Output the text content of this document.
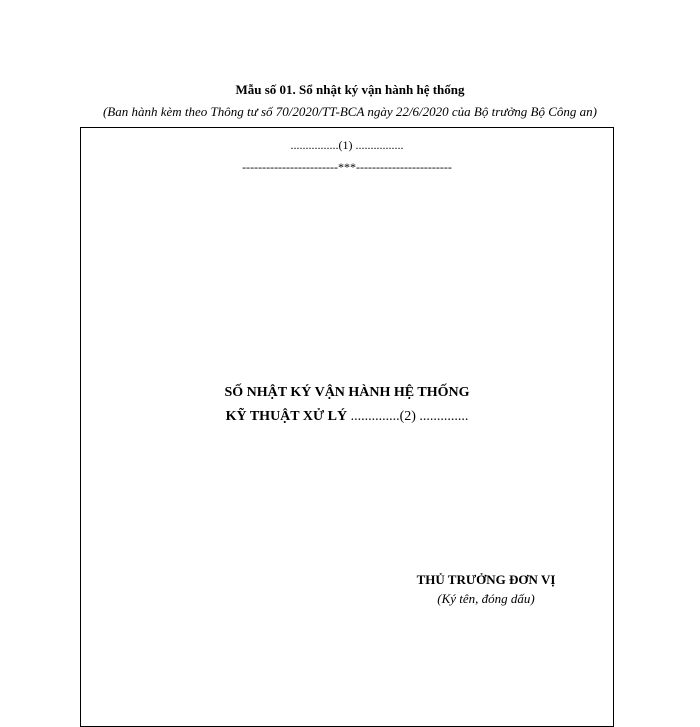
Mẫu số 01. Sổ nhật ký vận hành hệ thống
(Ban hành kèm theo Thông tư số 70/2020/TT-BCA ngày 22/6/2020 của Bộ trưởng Bộ Công an)
................(1) ................
------------------------***------------------------
SỐ NHẬT KÝ VẬN HÀNH HỆ THỐNG
KỸ THUẬT XỬ LÝ ..............(2) ..............
THỦ TRƯỞNG ĐƠN VỊ
(Ký tên, đóng dấu)
